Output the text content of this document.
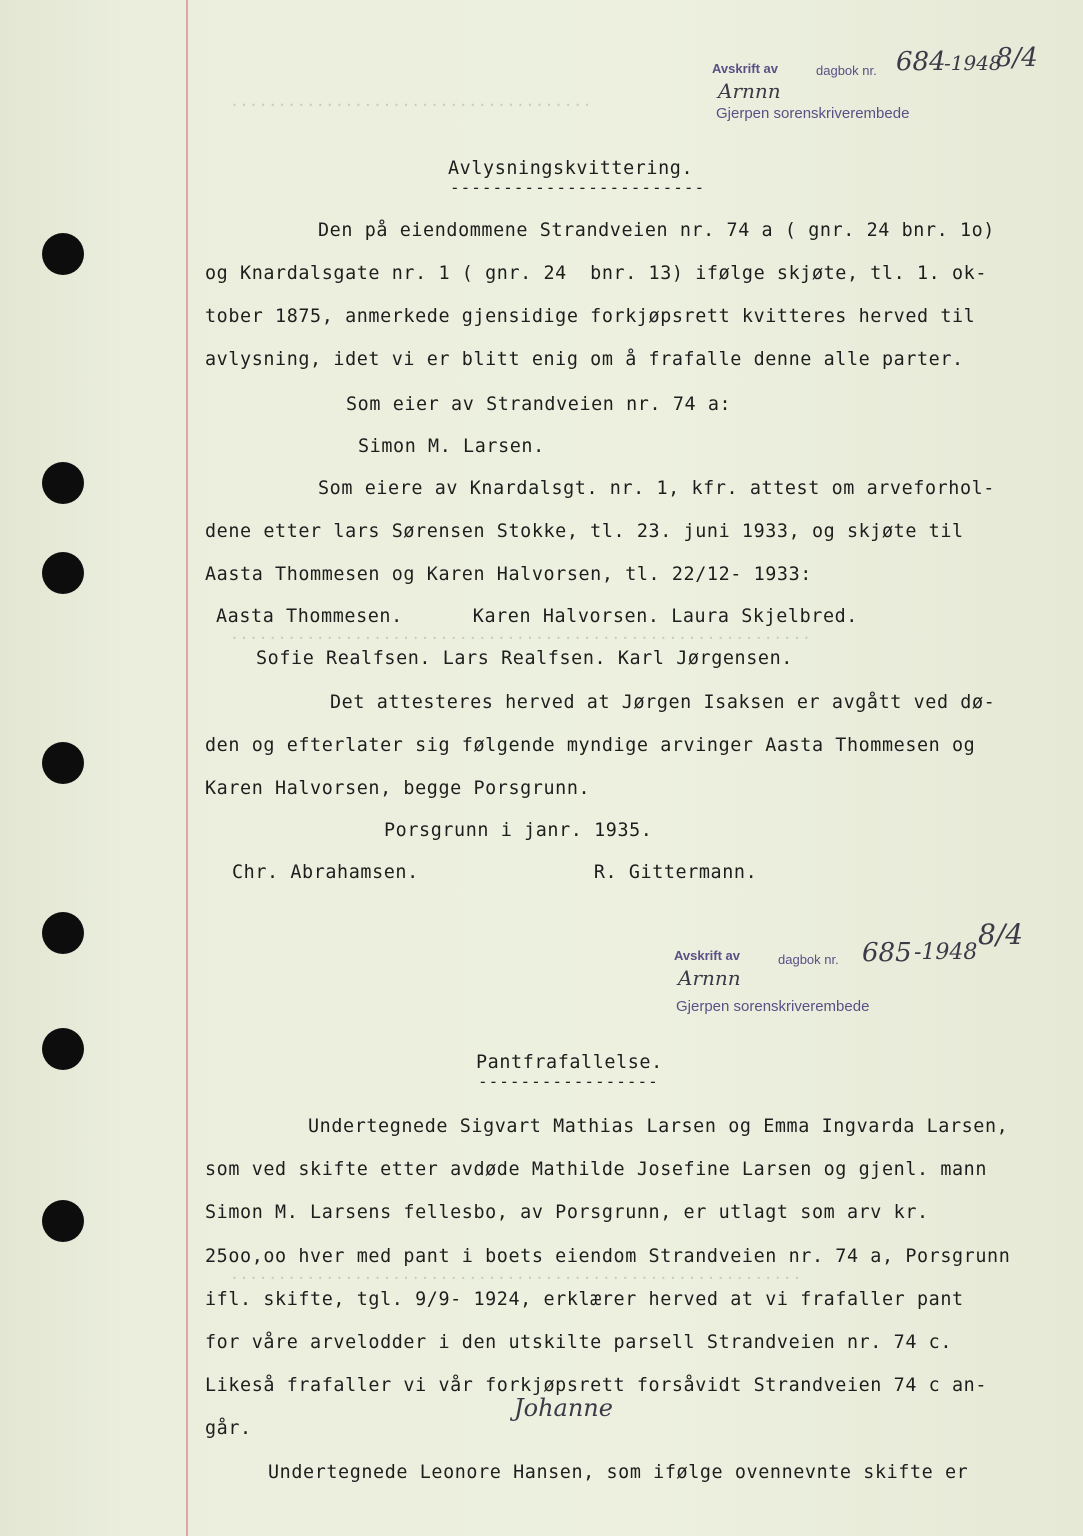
......................................
.............................................................
............................................................
Avskrift av	dagbok nr. 684
-1948
8/4
Arnnn
Gjerpen sorenskriverembede
Avlysningskvittering.
------------------------
Den på eiendommene Strandveien nr. 74 a ( gnr. 24 bnr. 1o)
og Knardalsgate nr. 1 ( gnr. 24  bnr. 13) ifølge skjøte, tl. 1. ok-
tober 1875, anmerkede gjensidige forkjøpsrett kvitteres herved til
avlysning, idet vi er blitt enig om å frafalle denne alle parter.
Som eier av Strandveien nr. 74 a:
Simon M. Larsen.
Som eiere av Knardalsgt. nr. 1, kfr. attest om arveforhol-
dene etter lars Sørensen Stokke, tl. 23. juni 1933, og skjøte til
Aasta Thommesen og Karen Halvorsen, tl. 22/12- 1933:
Aasta Thommesen.      Karen Halvorsen. Laura Skjelbred.
Sofie Realfsen. Lars Realfsen. Karl Jørgensen.
Det attesteres herved at Jørgen Isaksen er avgått ved dø-
den og efterlater sig følgende myndige arvinger Aasta Thommesen og
Karen Halvorsen, begge Porsgrunn.
Porsgrunn i janr. 1935.
Chr. Abrahamsen.               R. Gittermann.
Avskrift av	dagbok nr. 685 -1948
8/4
Arnnn
Gjerpen sorenskriverembede
Pantfrafallelse.
-----------------
Undertegnede Sigvart Mathias Larsen og Emma Ingvarda Larsen,
som ved skifte etter avdøde Mathilde Josefine Larsen og gjenl. mann
Simon M. Larsens fellesbo, av Porsgrunn, er utlagt som arv kr.
25oo,oo hver med pant i boets eiendom Strandveien nr. 74 a, Porsgrunn
ifl. skifte, tgl. 9/9- 1924, erklærer herved at vi frafaller pant
for våre arvelodder i den utskilte parsell Strandveien nr. 74 c.
Likeså frafaller vi vår forkjøpsrett forsåvidt Strandveien 74 c an-
går.
Johanne
Undertegnede Leonore Hansen, som ifølge ovennevnte skifte er
